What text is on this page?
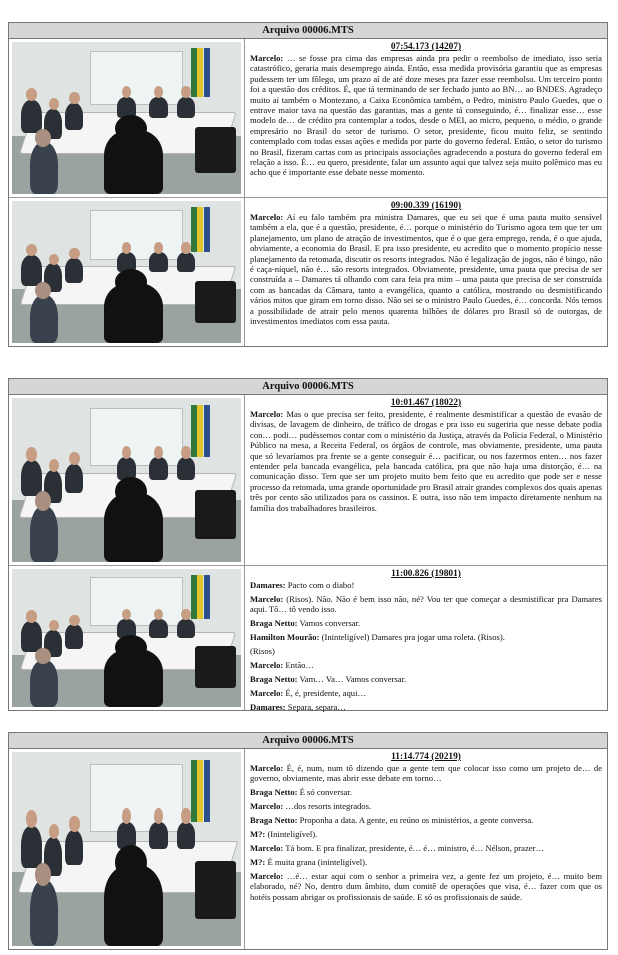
Arquivo 00006.MTS
07:54.173 (14207)
Marcelo: … se fosse pra cima das empresas ainda pra pedir o reembolso de imediato, isso seria catastrófico, geraria mais desemprego ainda. Então, essa medida provisória garantiu que as empresas pudessem ter um fôlego, um prazo aí de até doze meses pra fazer esse reembolso. Um terceiro ponto foi a questão dos créditos. É, que tá terminando de ser fechado junto ao BN… ao BNDES. Agradeço muito aí também o Montezano, a Caixa Econômica também, o Pedro, ministro Paulo Guedes, que o entrave maior tava na questão das garantias, mas a gente tá conseguindo, é… finalizar esse… esse modelo de… de crédito pra contemplar a todos, desde o MEI, ao micro, pequeno, o médio, o grande empresário no Brasil do setor de turismo. O setor, presidente, ficou muito feliz, se sentindo contemplado com todas essas ações e medida por parte do governo federal. Então, o setor do turismo no Brasil, fizeram cartas com as principais associações agradecendo a postura do governo federal em relação a isso. É… eu quero, presidente, falar um assunto aqui que talvez seja muito polêmico mas eu acho que é importante esse debate nesse momento.
09:00.339 (16190)
Marcelo: Aí eu falo também pra ministra Damares, que eu sei que é uma pauta muito sensível também a ela, que é a questão, presidente, é… porque o ministério do Turismo agora tem que ter um planejamento, um plano de atração de investimentos, que é o que gera emprego, renda, é o que ajuda, obviamente, a economia do Brasil. E pra isso presidente, eu acredito que o momento propício nesse planejamento da retomada, discutir os resorts integrados. Não é legalização de jogos, não é bingo, não é caça-níquel, não é… são resorts integrados. Obviamente, presidente, uma pauta que precisa de ser construída a – Damares tá olhando com cara feia pra mim – uma pauta que precisa de ser construída com as bancadas da Câmara, tanto a evangélica, quanto a católica, mostrando ou desmistificando vários mitos que giram em torno disso. Não sei se o ministro Paulo Guedes, é… concorda. Nós temos a possibilidade de atrair pelo menos quarenta bilhões de dólares pro Brasil só de outorgas, de investimentos imediatos com essa pauta.
Arquivo 00006.MTS
10:01.467 (18022)
Marcelo: Mas o que precisa ser feito, presidente, é realmente desmistificar a questão de evasão de divisas, de lavagem de dinheiro, de tráfico de drogas e pra isso eu sugeriria que nesse debate podia con… podi… pudéssemos contar com o ministério da Justiça, através da Polícia Federal, o Ministério Público na mesa, a Receita Federal, os órgãos de controle, mas obviamente, presidente, uma pauta que só levaríamos pra frente se a gente conseguir é… pacificar, ou nos fazermos enten… nos fazer entender pela bancada evangélica, pela bancada católica, pra que não haja uma distorção, é… na comunicação disso. Tem que ser um projeto muito bem feito que eu acredito que pode ser e nesse processo da retomada, uma grande oportunidade pro Brasil atrair grandes complexos dos quais apenas três por cento são utilizados para os cassinos. E outra, isso não tem impacto diretamente nenhum na família dos trabalhadores brasileiros.
11:00.826 (19801)
Damares: Pacto com o diabo!
Marcelo: (Risos). Não. Não é bem isso não, né? Vou ter que começar a desmistificar pra Damares aqui. Tô… tô vendo isso.
Braga Netto: Vamos conversar.
Hamilton Mourão: (Ininteligível) Damares pra jogar uma roleta. (Risos).
(Risos)
Marcelo: Então…
Braga Netto: Vam… Va… Vamos conversar.
Marcelo: É, é, presidente, aqui…
Damares: Separa, separa…
Arquivo 00006.MTS
11:14.774 (20219)
Marcelo: É, é, num, num tô dizendo que a gente tem que colocar isso como um projeto de… de governo, obviamente, mas abrir esse debate em torno…
Braga Netto: É só conversar.
Marcelo: …dos resorts integrados.
Braga Netto: Proponha a data. A gente, eu reúno os ministérios, a gente conversa.
M?: (Ininteligível).
Marcelo: Tá bom. E pra finalizar, presidente, é… é… ministro, é… Nélson, prazer…
M?: É muita grana (ininteligível).
Marcelo: …é… estar aqui com o senhor a primeira vez, a gente fez um projeto, é… muito bem elaborado, né? No, dentro dum âmbito, dum comitê de operações que visa, é… fazer com que os hotéis possam abrigar os profissionais de saúde. E só os profissionais de saúde.
